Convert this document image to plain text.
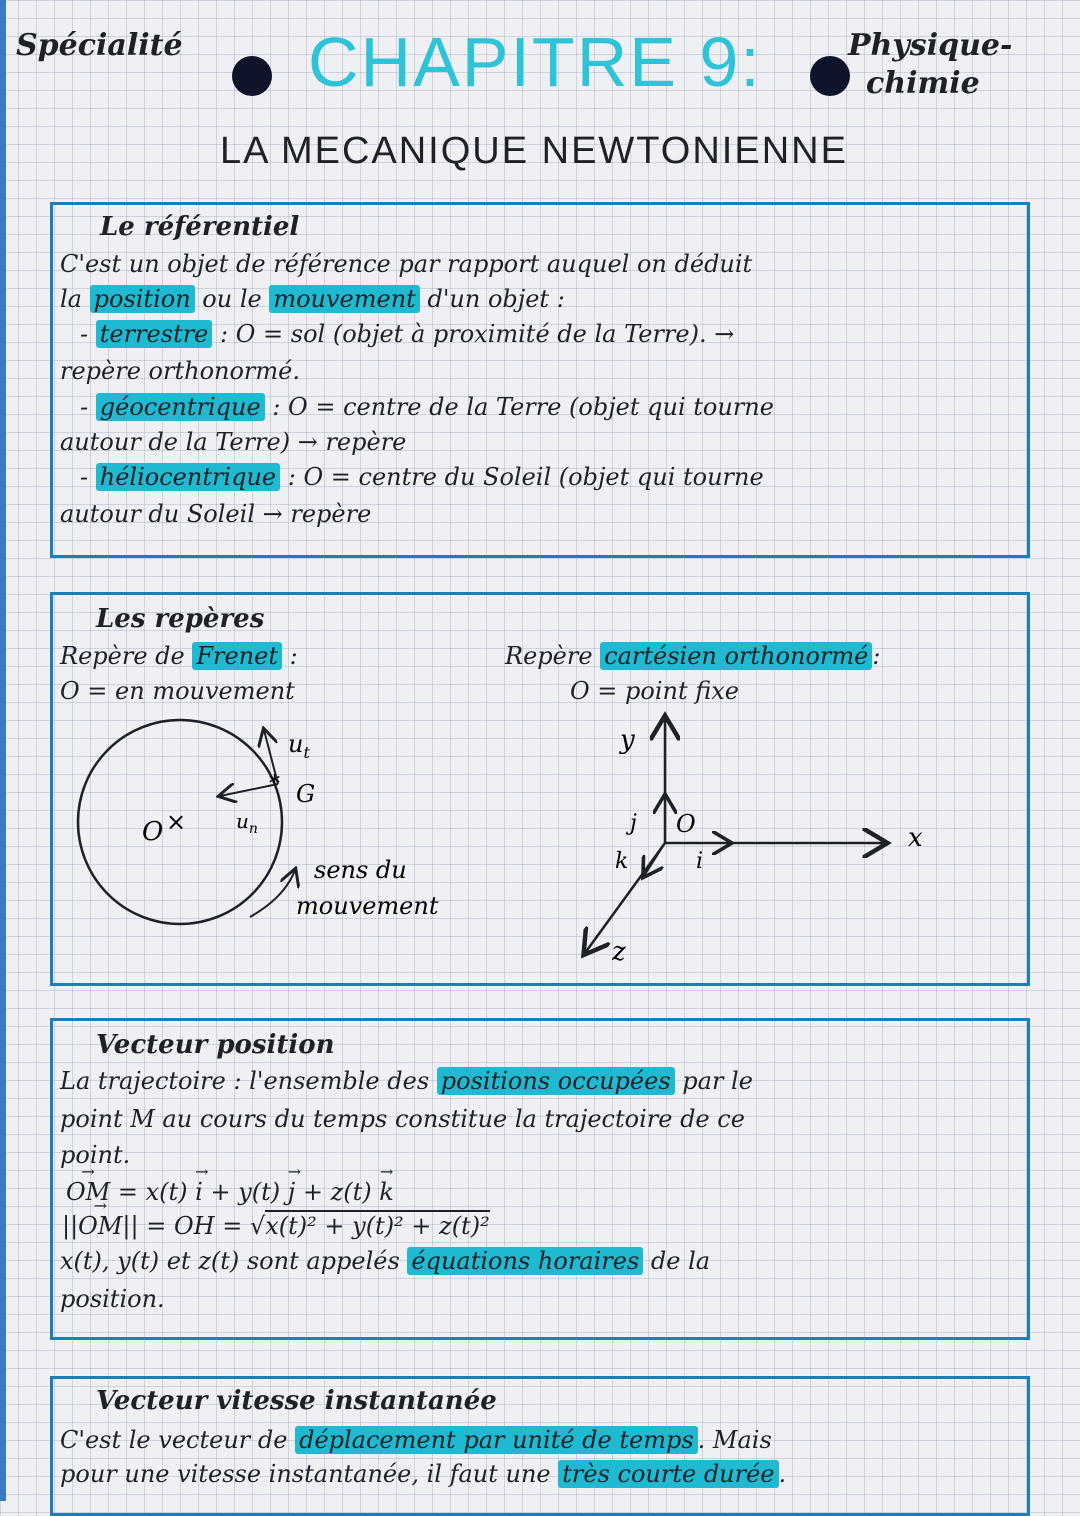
Spécialité CHAPITRE 9:	Physique-
chimie
LA MECANIQUE NEWTONIENNE
Le référentiel
C'est un objet de référence par rapport auquel on déduit
la position ou le mouvement d'un objet :
- terrestre : O = sol (objet à proximité de la Terre). →
repère orthonormé.
- géocentrique : O = centre de la Terre (objet qui tourne
autour de la Terre) → repère
- héliocentrique : O = centre du Soleil (objet qui tourne
autour du Soleil → repère
Les repères
Repère de Frenet :
O = en mouvement
Repère cartésien orthonormé :
O = point fixe
*
$u_t$
$u_n$
G
O ×
sens du
mouvement
y
x
z
O
j
i
k
Vecteur position
La trajectoire : l'ensemble des positions occupées par le
point M au cours du temps constitue la trajectoire de ce
point.
→ OM = x(t) → i + y(t) → j + z(t) → k
||→ OM|| = OH = √x(t)² + y(t)² + z(t)²
x(t), y(t) et z(t) sont appelés équations horaires de la
position.
Vecteur vitesse instantanée
C'est le vecteur de déplacement par unité de temps . Mais
pour une vitesse instantanée, il faut une très courte durée .
